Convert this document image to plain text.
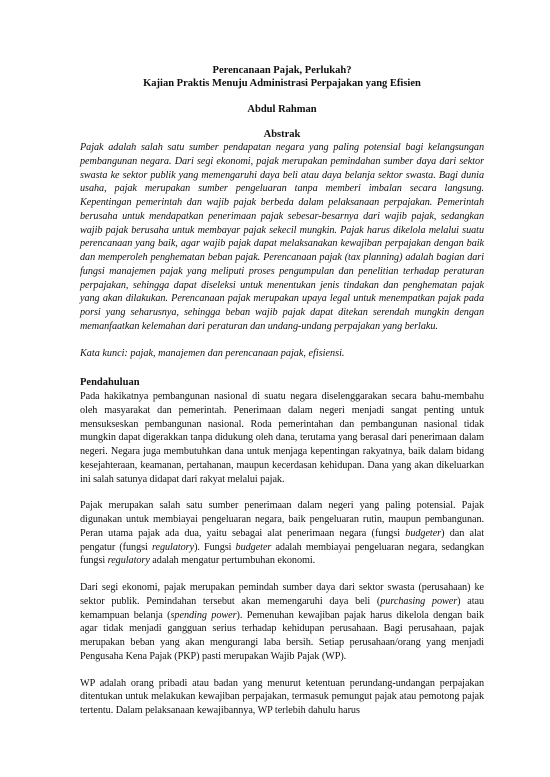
Perencanaan Pajak, Perlukah?

Kajian Praktis Menuju Administrasi Perpajakan yang Efisien

Abdul Rahman

Abstrak

Pajak adalah salah satu sumber pendapatan negara yang paling potensial bagi kelangsungan pembangunan negara. Dari segi ekonomi, pajak merupakan pemindahan sumber daya dari sektor swasta ke sektor publik yang memengaruhi daya beli atau daya belanja sektor swasta. Bagi dunia usaha, pajak merupakan sumber pengeluaran tanpa memberi imbalan secara langsung. Kepentingan pemerintah dan wajib pajak berbeda dalam pelaksanaan perpajakan. Pemerintah berusaha untuk mendapatkan penerimaan pajak sebesar-besarnya dari wajib pajak, sedangkan wajib pajak berusaha untuk membayar pajak sekecil mungkin. Pajak harus dikelola melalui suatu perencanaan yang baik, agar wajib pajak dapat melaksanakan kewajiban perpajakan dengan baik dan memperoleh penghematan beban pajak. Perencanaan pajak (tax planning) adalah bagian dari fungsi manajemen pajak yang meliputi proses pengumpulan dan penelitian terhadap peraturan perpajakan, sehingga dapat diseleksi untuk menentukan jenis tindakan dan penghematan pajak yang akan dilakukan. Perencanaan pajak merupakan upaya legal untuk menempatkan pajak pada porsi yang seharusnya, sehingga beban wajib pajak dapat ditekan serendah mungkin dengan memanfaatkan kelemahan dari peraturan dan undang-undang perpajakan yang berlaku.

Kata kunci: pajak, manajemen dan perencanaan pajak, efisiensi.

Pendahuluan

Pada hakikatnya pembangunan nasional di suatu negara diselenggarakan secara bahu-membahu oleh masyarakat dan pemerintah. Penerimaan dalam negeri menjadi sangat penting untuk mensukseskan pembangunan nasional. Roda pemerintahan dan pembangunan nasional tidak mungkin dapat digerakkan tanpa didukung oleh dana, terutama yang berasal dari penerimaan dalam negeri. Negara juga membutuhkan dana untuk menjaga kepentingan rakyatnya, baik dalam bidang kesejahteraan, keamanan, pertahanan, maupun kecerdasan kehidupan. Dana yang akan dikeluarkan ini salah satunya didapat dari rakyat melalui pajak.

Pajak merupakan salah satu sumber penerimaan dalam negeri yang paling potensial. Pajak digunakan untuk membiayai pengeluaran negara, baik pengeluaran rutin, maupun pembangunan. Peran utama pajak ada dua, yaitu sebagai alat penerimaan negara (fungsi budgeter) dan alat pengatur (fungsi regulatory). Fungsi budgeter adalah membiayai pengeluaran negara, sedangkan fungsi regulatory adalah mengatur pertumbuhan ekonomi.

Dari segi ekonomi, pajak merupakan pemindah sumber daya dari sektor swasta (perusahaan) ke sektor publik. Pemindahan tersebut akan memengaruhi daya beli (purchasing power) atau kemampuan belanja (spending power). Pemenuhan kewajiban pajak harus dikelola dengan baik agar tidak menjadi gangguan serius terhadap kehidupan perusahaan. Bagi perusahaan, pajak merupakan beban yang akan mengurangi laba bersih. Setiap perusahaan/orang yang menjadi Pengusaha Kena Pajak (PKP) pasti merupakan Wajib Pajak (WP).

WP adalah orang pribadi atau badan yang menurut ketentuan perundang-undangan perpajakan ditentukan untuk melakukan kewajiban perpajakan, termasuk pemungut pajak atau pemotong pajak tertentu. Dalam pelaksanaan kewajibannya, WP terlebih dahulu harus
